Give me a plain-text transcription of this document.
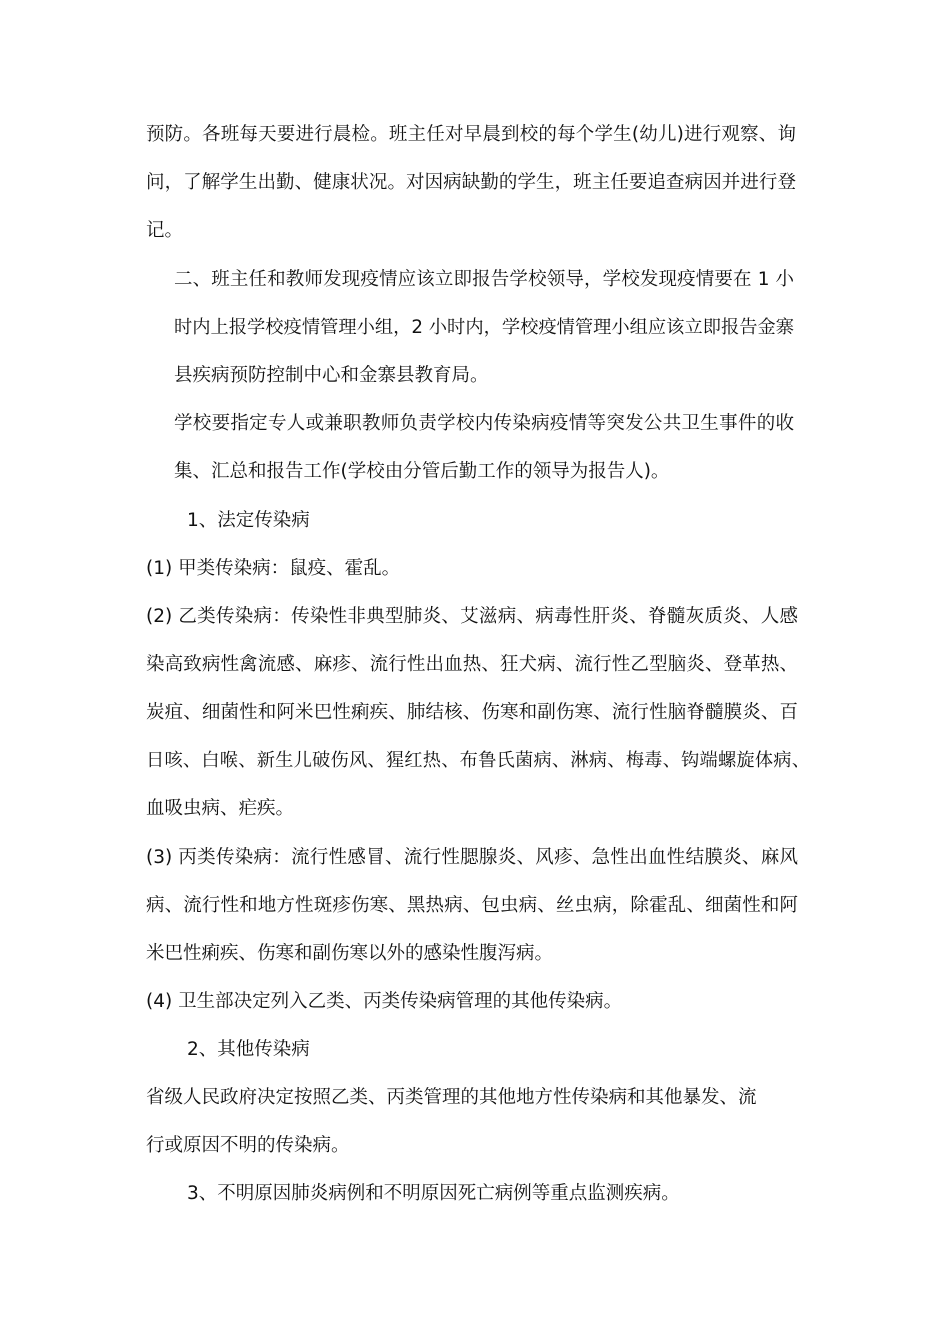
预防。各班每天要进行晨检。班主任对早晨到校的每个学生(幼儿)进行观察、询
问，了解学生出勤、健康状况。对因病缺勤的学生，班主任要追查病因并进行登
记。
二、班主任和教师发现疫情应该立即报告学校领导，学校发现疫情要在 1 小
时内上报学校疫情管理小组，2 小时内，学校疫情管理小组应该立即报告金寨
县疾病预防控制中心和金寨县教育局。
学校要指定专人或兼职教师负责学校内传染病疫情等突发公共卫生事件的收
集、汇总和报告工作(学校由分管后勤工作的领导为报告人)。
1、法定传染病
(1) 甲类传染病：鼠疫、霍乱。
(2) 乙类传染病：传染性非典型肺炎、艾滋病、病毒性肝炎、脊髓灰质炎、人感
染高致病性禽流感、麻疹、流行性出血热、狂犬病、流行性乙型脑炎、登革热、
炭疽、细菌性和阿米巴性痢疾、肺结核、伤寒和副伤寒、流行性脑脊髓膜炎、百
日咳、白喉、新生儿破伤风、猩红热、布鲁氏菌病、淋病、梅毒、钩端螺旋体病、
血吸虫病、疟疾。
(3) 丙类传染病：流行性感冒、流行性腮腺炎、风疹、急性出血性结膜炎、麻风
病、流行性和地方性斑疹伤寒、黑热病、包虫病、丝虫病，除霍乱、细菌性和阿
米巴性痢疾、伤寒和副伤寒以外的感染性腹泻病。
(4) 卫生部决定列入乙类、丙类传染病管理的其他传染病。
2、其他传染病
省级人民政府决定按照乙类、丙类管理的其他地方性传染病和其他暴发、流
行或原因不明的传染病。
3、不明原因肺炎病例和不明原因死亡病例等重点监测疾病。
